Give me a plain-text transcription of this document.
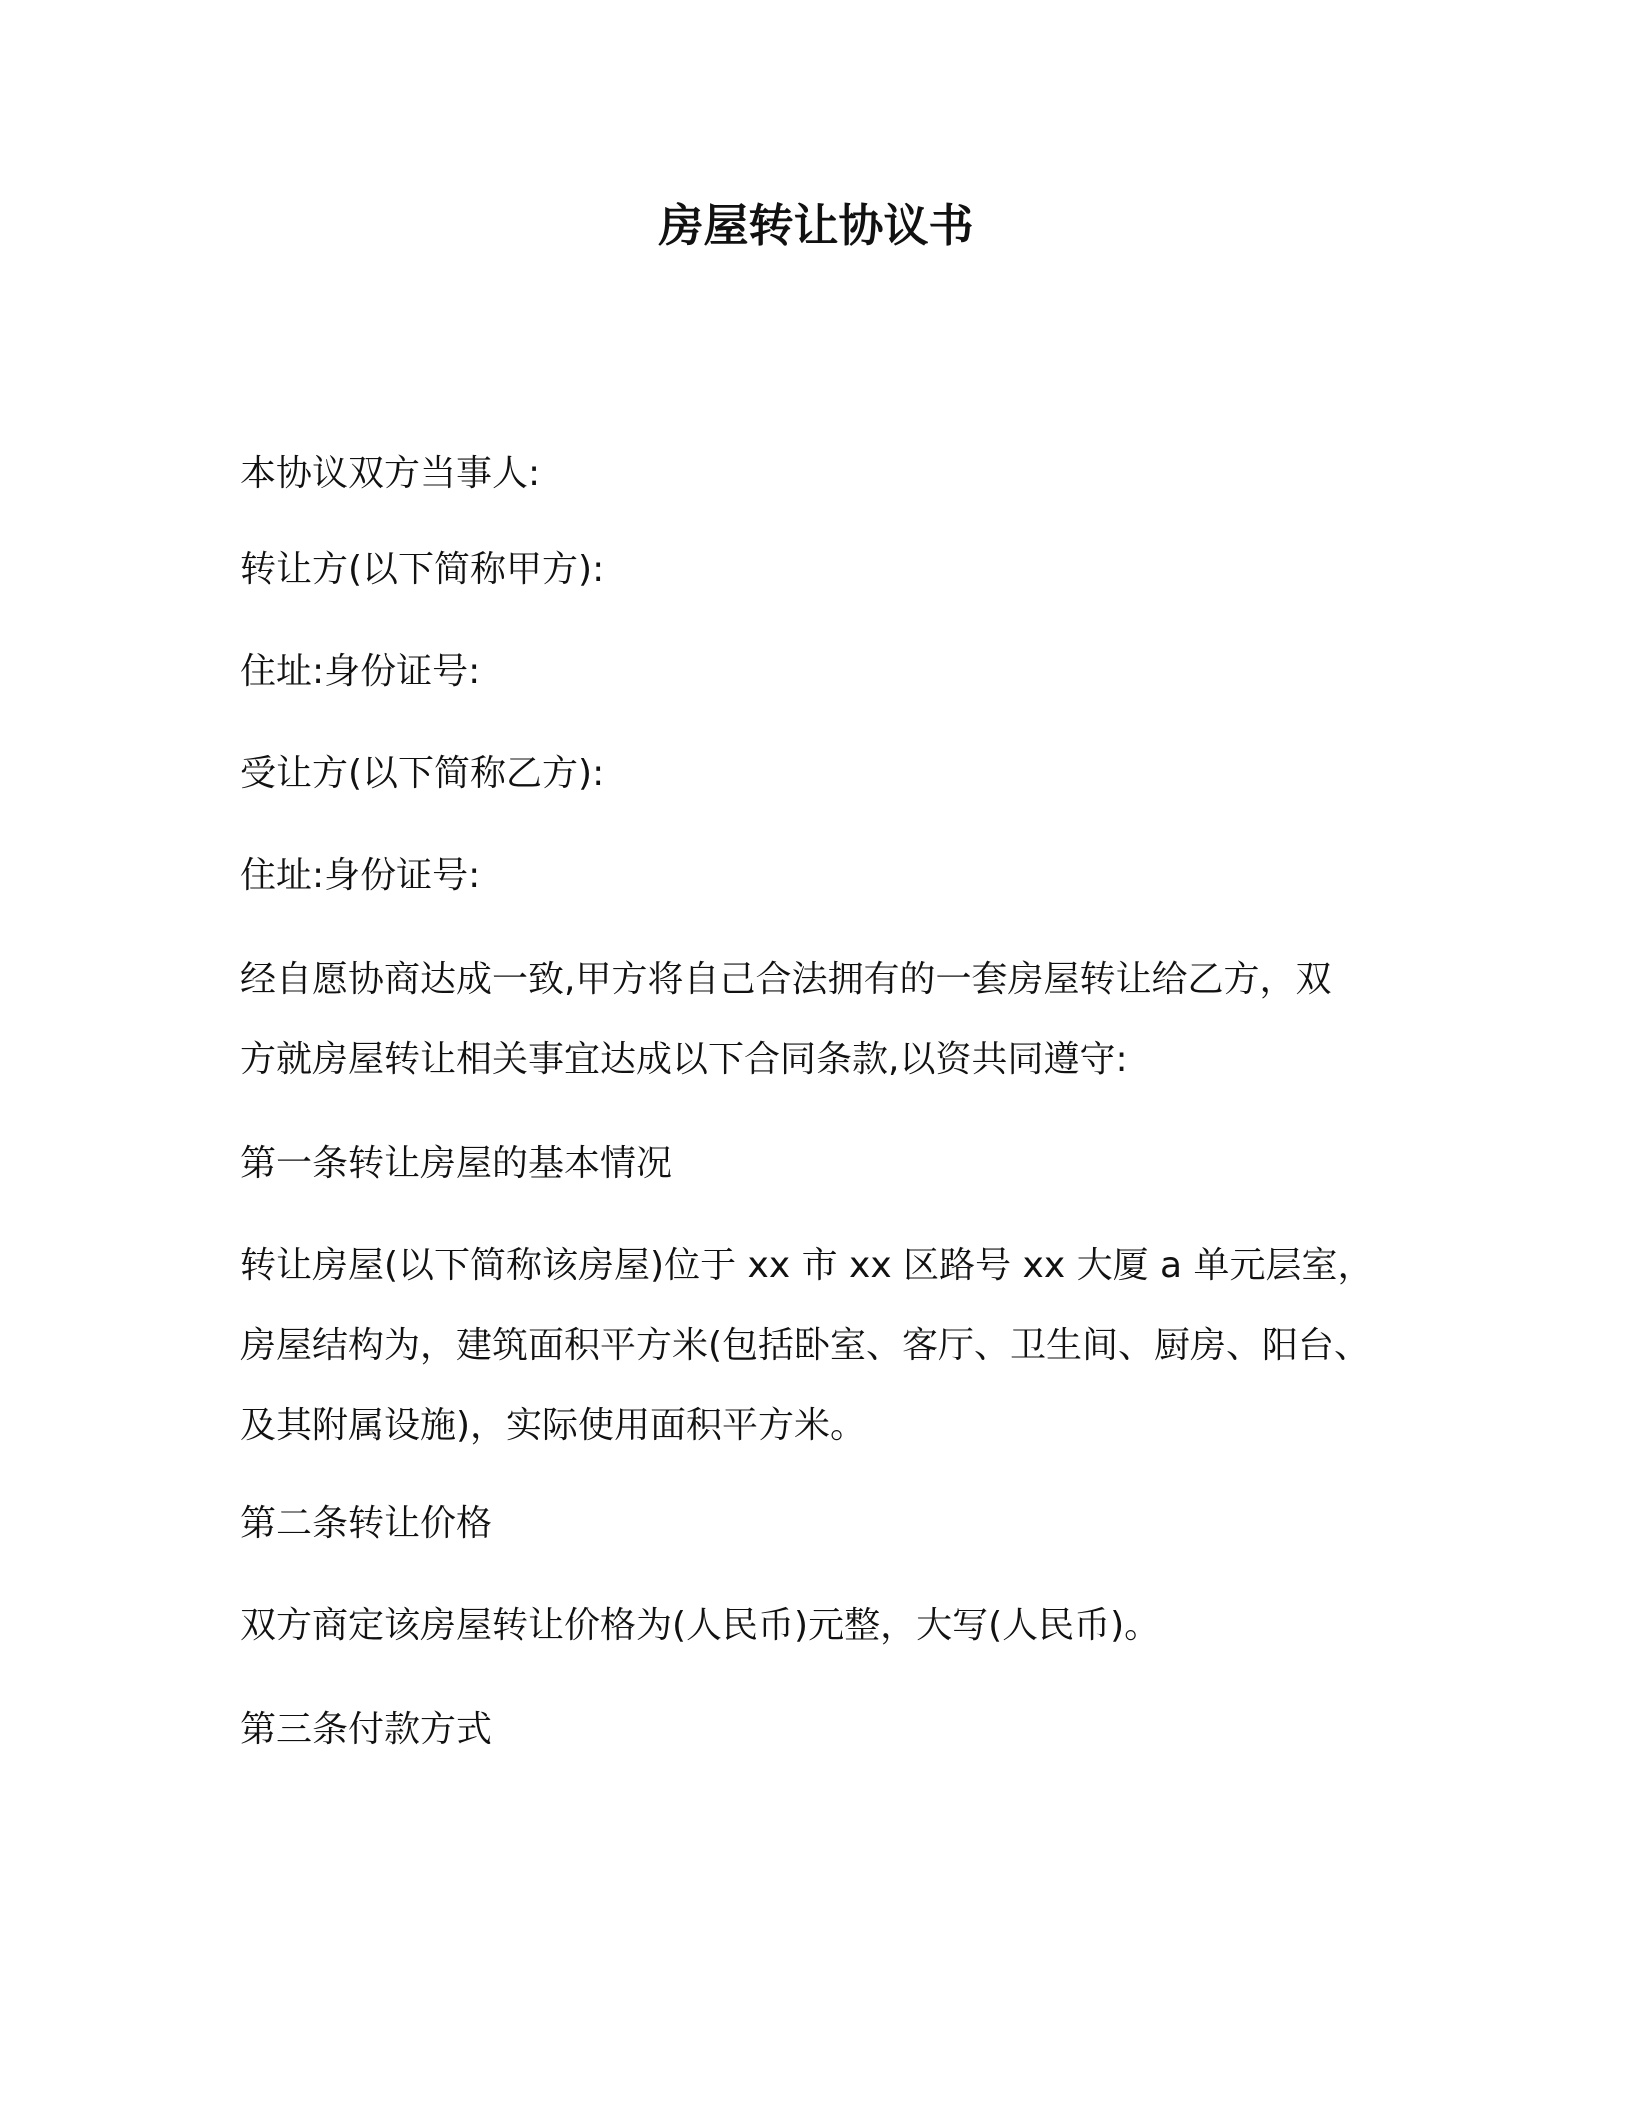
房屋转让协议书

本协议双方当事人:

转让方(以下简称甲方):

住址:身份证号:

受让方(以下简称乙方):

住址:身份证号:

经自愿协商达成一致,甲方将自己合法拥有的一套房屋转让给乙方，双
方就房屋转让相关事宜达成以下合同条款,以资共同遵守:

第一条转让房屋的基本情况

转让房屋(以下简称该房屋)位于 xx 市 xx 区路号 xx 大厦 a 单元层室，
房屋结构为，建筑面积平方米(包括卧室、客厅、卫生间、厨房、阳台、
及其附属设施)，实际使用面积平方米。

第二条转让价格

双方商定该房屋转让价格为(人民币)元整，大写(人民币)。

第三条付款方式
